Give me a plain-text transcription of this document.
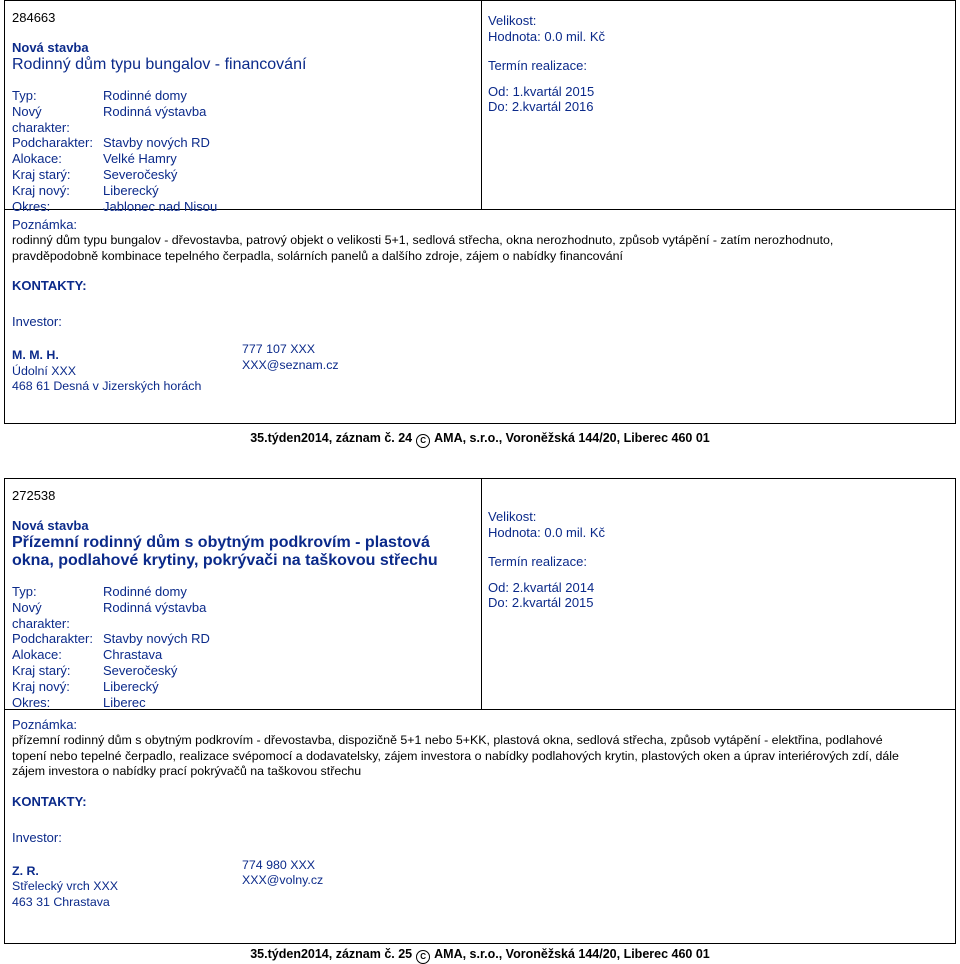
284663
Nová stavba
Rodinný dům typu bungalov - financování
Typ:	Rodinné domy
Nový charakter:
Rodinná výstavba
Podcharakter: Stavby nových RD
Alokace:	Velké Hamry
Kraj starý:	Severočeský
Kraj nový:	Liberecký
Okres:	Jablonec nad Nisou
Velikost:
Hodnota: 0.0 mil. Kč
Termín realizace:
Od: 1.kvartál 2015
Do: 2.kvartál 2016
Poznámka:
rodinný dům typu bungalov - dřevostavba, patrový objekt o velikosti 5+1, sedlová střecha, okna nerozhodnuto, způsob vytápění - zatím nerozhodnuto,
pravděpodobně kombinace tepelného čerpadla, solárních panelů a dalšího zdroje, zájem o nabídky financování
KONTAKTY:
Investor:
M. M. H.
Údolní XXX
468 61 Desná v Jizerských horách
777 107 XXX
XXX@seznam.cz
35.týden2014, záznam č. 24 C AMA, s.r.o., Voroněžská 144/20, Liberec 460 01
272538
Nová stavba
Přízemní rodinný dům s obytným podkrovím - plastová
okna, podlahové krytiny, pokrývači na taškovou střechu
Typ:	Rodinné domy
Nový charakter:
Rodinná výstavba
Podcharakter: Stavby nových RD
Alokace:	Chrastava
Kraj starý:	Severočeský
Kraj nový:	Liberecký
Okres:	Liberec
Velikost:
Hodnota: 0.0 mil. Kč
Termín realizace:
Od: 2.kvartál 2014
Do: 2.kvartál 2015
Poznámka:
přízemní rodinný dům s obytným podkrovím - dřevostavba, dispozičně 5+1 nebo 5+KK, plastová okna, sedlová střecha, způsob vytápění - elektřina, podlahové
topení nebo tepelné čerpadlo, realizace svépomocí a dodavatelsky, zájem investora o nabídky podlahových krytin, plastových oken a úprav interiérových zdí, dále
zájem investora o nabídky prací pokrývačů na taškovou střechu
KONTAKTY:
Investor:
Z. R.
Střelecký vrch XXX
463 31 Chrastava
774 980 XXX
XXX@volny.cz
35.týden2014, záznam č. 25 C AMA, s.r.o., Voroněžská 144/20, Liberec 460 01
